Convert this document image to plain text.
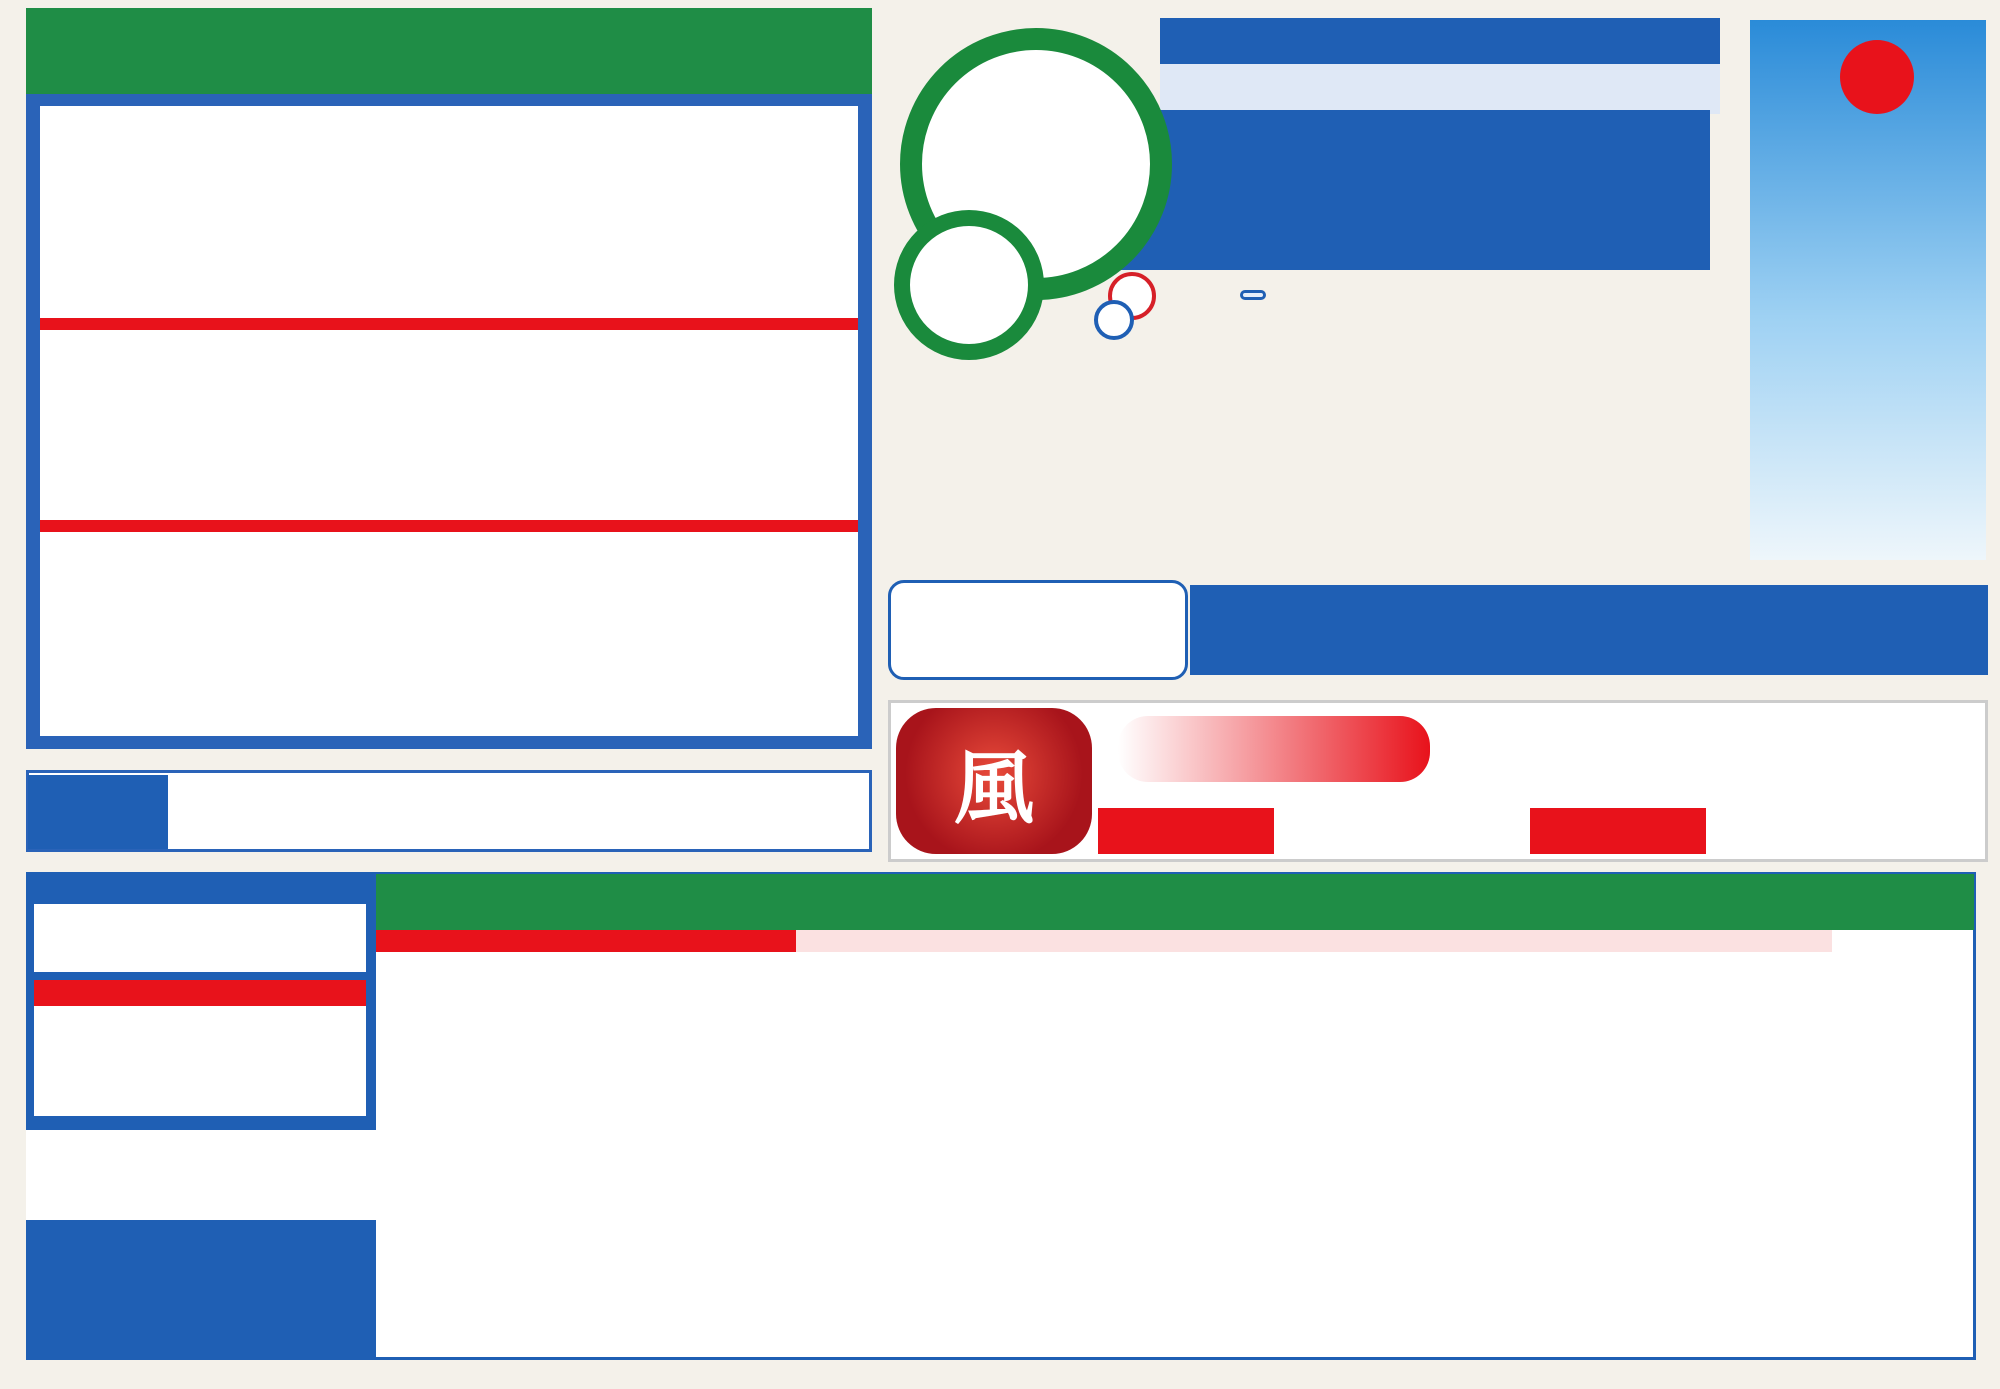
風
